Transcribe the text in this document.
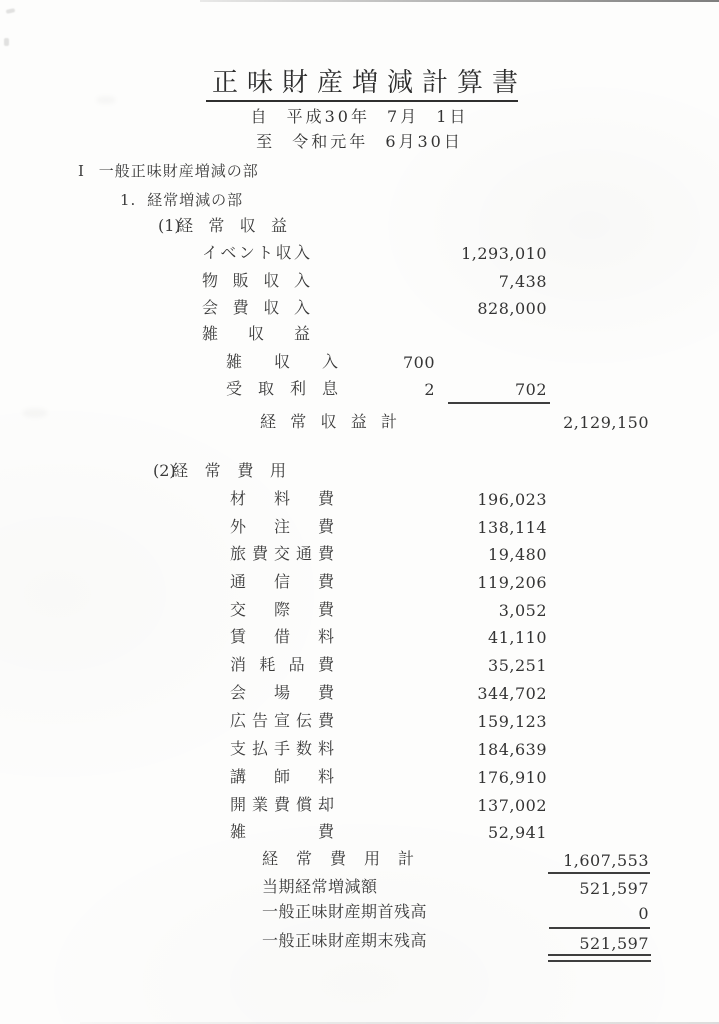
正味財産増減計算書
自 平成30年 7月 1日
至 令和元年 6月30日
I 一般正味財産増減の部
1. 経常増減の部
(1)
経常収益
イベント収入	1,293,010
物販収入	7,438
会費収入	828,000
雑収益
雑収入	700
受取利息	2	702
経常収益計	2,129,150
(2)
経常費用
材料費	196,023
外注費	138,114
旅費交通費	19,480
通信費	119,206
交際費	3,052
賃借料	41,110
消耗品費	35,251
会場費	344,702
広告宣伝費	159,123
支払手数料	184,639
講師料	176,910
開業費償却	137,002
雑費	52,941
経常費用計	1,607,553
当期経常増減額	521,597
一般正味財産期首残高	0
一般正味財産期末残高	521,597
